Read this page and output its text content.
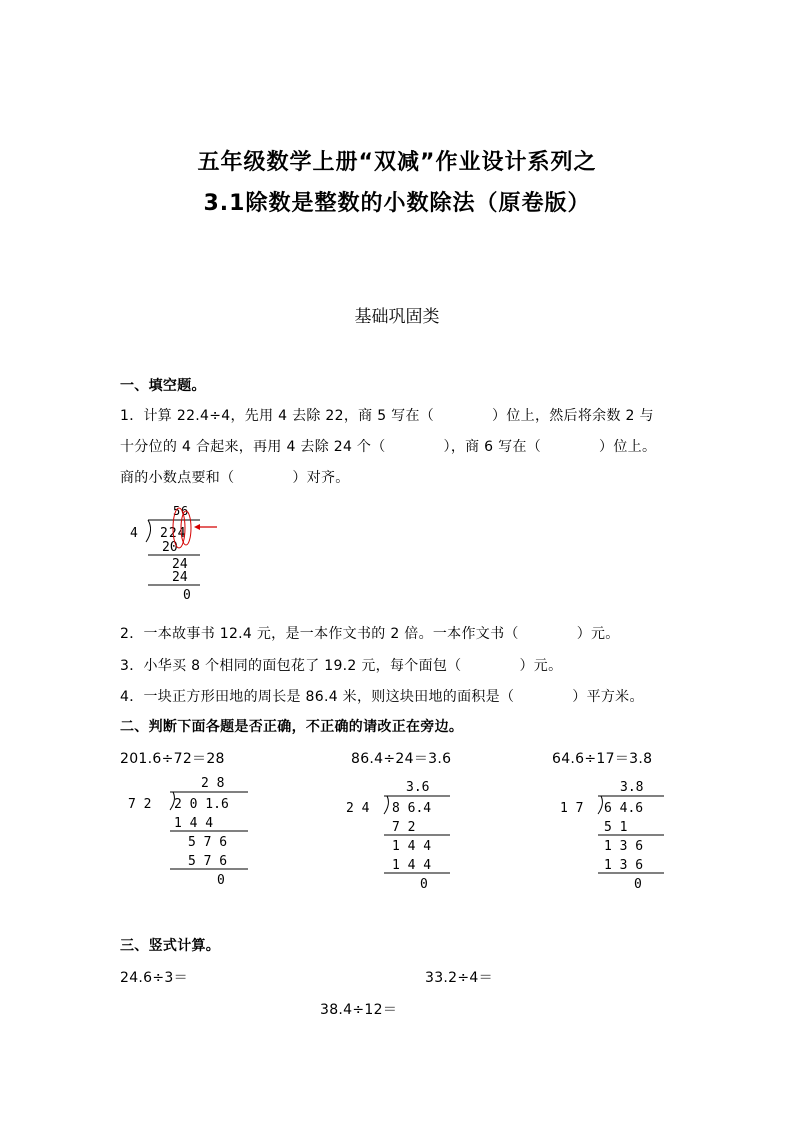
五年级数学上册“双减”作业设计系列之
3.1除数是整数的小数除法（原卷版）
基础巩固类
一、填空题。
1．计算 22.4÷4，先用 4 去除 22，商 5 写在（	）位上，然后将余数 2 与
十分位的 4 合起来，再用 4 去除 24 个（	），商 6 写在（	）位上。
商的小数点要和（	）对齐。
4
5 6
224
20
24
24
0
2．一本故事书 12.4 元，是一本作文书的 2 倍。一本作文书（	）元。
3．小华买 8 个相同的面包花了 19.2 元，每个面包（	）元。
4．一块正方形田地的周长是 86.4 米，则这块田地的面积是（	）平方米。
二、判断下面各题是否正确，不正确的请改正在旁边。
201.6÷72＝28
2 8
7 2 2 0 1.6
1 4 4
5 7 6
5 7 6
0
86.4÷24＝3.6
3.6
2 4 8 6.4
7 2
1 4 4
1 4 4
0
64.6÷17＝3.8
3.8
1 7 6 4.6
5 1
1 3 6
1 3 6
0
三、竖式计算。
24.6÷3＝	33.2÷4＝
38.4÷12＝
